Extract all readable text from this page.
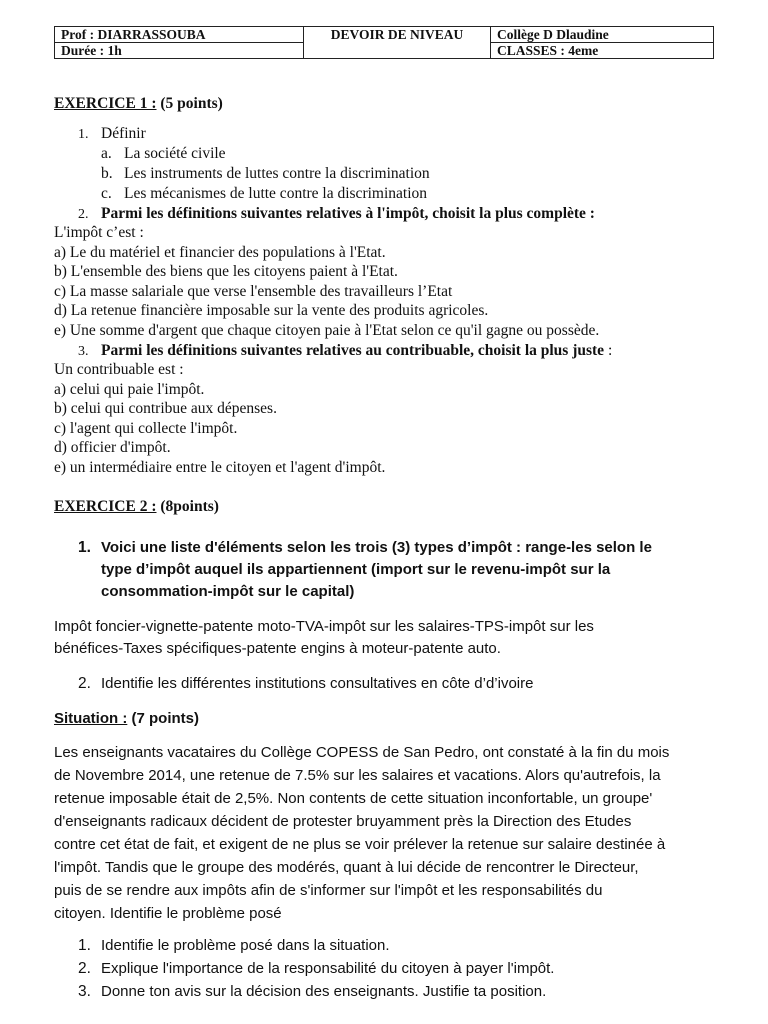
Prof : DIARRASSOUBA	DEVOIR DE NIVEAU	Collège D Dlaudine
Durée : 1h		CLASSES : 4eme
EXERCICE 1 : (5 points)
1. Définir
a. La société civile
b. Les instruments de luttes contre la discrimination
c. Les mécanismes de lutte contre la discrimination
2. Parmi les définitions suivantes relatives à l'impôt, choisit la plus complète :
L'impôt c’est :
a) Le du matériel et financier des populations à l'Etat.
b) L'ensemble des biens que les citoyens paient à l'Etat.
c) La masse salariale que verse l'ensemble des travailleurs l’Etat
d) La retenue financière imposable sur la vente des produits agricoles.
e) Une somme d'argent que chaque citoyen paie à l'Etat selon ce qu'il gagne ou possède.
3. Parmi les définitions suivantes relatives au contribuable, choisit la plus juste :
Un contribuable est :
a) celui qui paie l'impôt.
b) celui qui contribue aux dépenses.
c) l'agent qui collecte l'impôt.
d) officier d'impôt.
e) un intermédiaire entre le citoyen et l'agent d'impôt.
EXERCICE 2 : (8points)
1. Voici une liste d'éléments selon les trois (3) types d’impôt : range-les selon le
type d’impôt auquel ils appartiennent (import sur le revenu-impôt sur la
consommation-impôt sur le capital)
Impôt foncier-vignette-patente moto-TVA-impôt sur les salaires-TPS-impôt sur les
bénéfices-Taxes spécifiques-patente engins à moteur-patente auto.
2. Identifie les différentes institutions consultatives en côte d’d’ivoire
Situation : (7 points)
Les enseignants vacataires du Collège COPESS de San Pedro, ont constaté à la fin du mois
de Novembre 2014, une retenue de 7.5% sur les salaires et vacations. Alors qu'autrefois, la
retenue imposable était de 2,5%. Non contents de cette situation inconfortable, un groupe'
d'enseignants radicaux décident de protester bruyamment près la Direction des Etudes
contre cet état de fait, et exigent de ne plus se voir prélever la retenue sur salaire destinée à
l'impôt. Tandis que le groupe des modérés, quant à lui décide de rencontrer le Directeur,
puis de se rendre aux impôts afin de s'informer sur l'impôt et les responsabilités du
citoyen. Identifie le problème posé
1. Identifie le problème posé dans la situation.
2. Explique l'importance de la responsabilité du citoyen à payer l'impôt.
3. Donne ton avis sur la décision des enseignants. Justifie ta position.
